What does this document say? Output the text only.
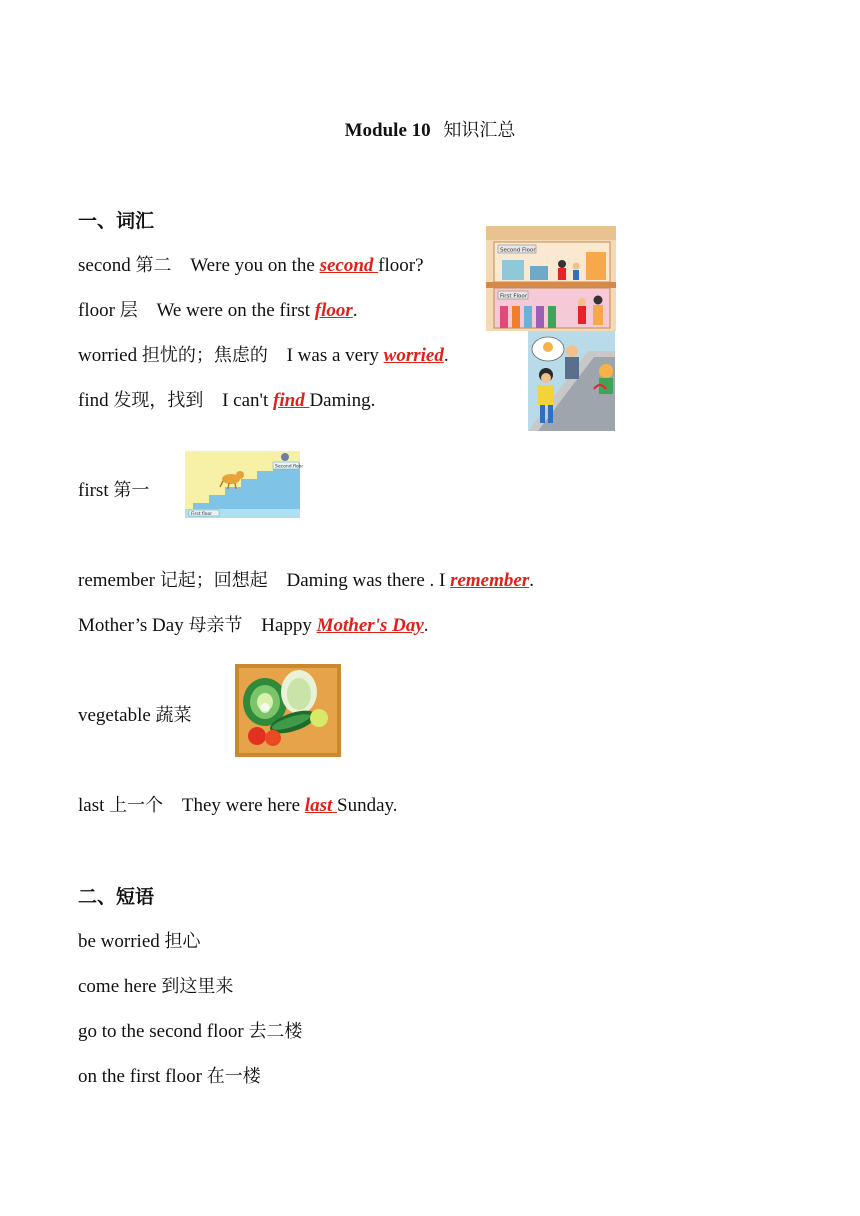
Module 10 知识汇总
一、词汇
second 第二 Were you on the second floor?
floor 层 We were on the first floor.
worried 担忧的；焦虑的 I was a very worried.
find 发现，找到 I can't find Daming.
first 第一
remember 记起；回想起 Daming was there . I remember.
Mother’s Day 母亲节 Happy Mother's Day.
vegetable 蔬菜
last 上一个 They were here last Sunday.
二、短语
be worried 担心
come here 到这里来
go to the second floor 去二楼
on the first floor 在一楼
Second Floor
First Floor
First floor
Second floor
